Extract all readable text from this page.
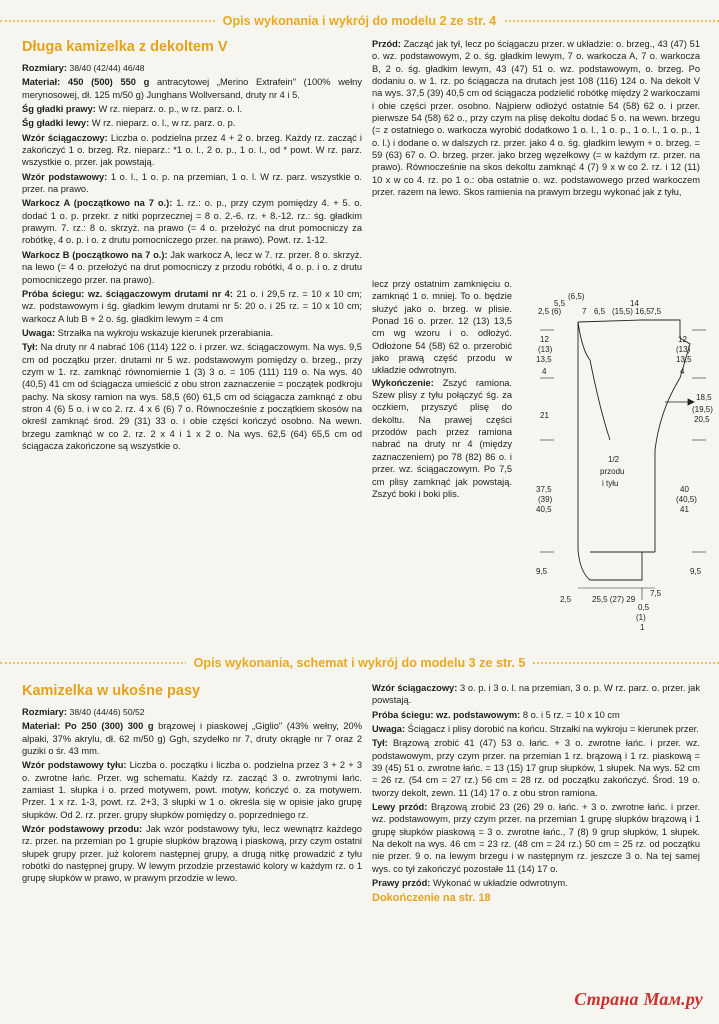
Opis wykonania i wykrój do modelu 2 ze str. 4
Długa kamizelka z dekoltem V

Rozmiary: 38/40 (42/44) 46/48

Materiał: 450 (500) 550 g antracytowej „Merino Extrafein" (100% wełny merynosowej, dł. 125 m/50 g) Junghans Wollversand, druty nr 4 i 5.

Śg gładki prawy: W rz. nieparz. o. p., w rz. parz. o. l.

Śg gładki lewy: W rz. nieparz. o. l., w rz. parz. o. p.

Wzór ściągaczowy: Liczba o. podzielna przez 4 + 2 o. brzeg. Każdy rz. zacząć i zakończyć 1 o. brzeg. Rz. nieparz.: *1 o. l., 2 o. p., 1 o. l., od * powt. W rz. parz. wszystkie o. przer. jak powstają.

Wzór podstawowy: 1 o. l., 1 o. p. na przemian, 1 o. l. W rz. parz. wszystkie o. przer. na prawo.

Warkocz A (początkowo na 7 o.): 1. rz.: o. p., przy czym pomiędzy 4. + 5. o. dodać 1 o. p. przekr. z nitki poprzecznej = 8 o. 2.-6. rz. + 8.-12. rz.: śg. gładkim prawym. 7. rz.: 8 o. skrzyż. na prawo (= 4 o. przełożyć na drut pomocniczy za robótkę, 4 o. p. i o. z drutu pomocniczego przer. na prawo). Powt. rz. 1-12.

Warkocz B (początkowo na 7 o.): Jak warkocz A, lecz w 7. rz. przer. 8 o. skrzyż. na lewo (= 4 o. przełożyć na drut pomocniczy z przodu robótki, 4 o. p. i o. z drutu pomocniczego przer. na prawo).

Próba ściegu: wz. ściągaczowym drutami nr 4: 21 o. i 29,5 rz. = 10 x 10 cm; wz. podstawowym i śg. gładkim lewym drutami nr 5: 20 o. i 25 rz. = 10 x 10 cm; warkocz A lub B + 2 o. śg. gładkim lewym = 4 cm

Uwaga: Strzałka na wykroju wskazuje kierunek przerabiania.

Tył: Na druty nr 4 nabrać 106 (114) 122 o. i przer. wz. ściągaczowym. Na wys. 9,5 cm od początku przer. drutami nr 5 wz. podstawowym pomiędzy o. brzeg., przy czym w 1. rz. zamknąć równomiernie 1 (3) 3 o. = 105 (111) 119 o. Na wys. 40 (40,5) 41 cm od ściągacza umieścić z obu stron zaznaczenie = początek podkroju pachy. Na skosy ramion na wys. 58,5 (60) 61,5 cm od ściągacza zamknąć z obu stron 4 (6) 5 o. i w co 2. rz. 4 x 6 (6) 7 o. Równocześnie z początkiem skosów na określ zamknąć środ. 29 (31) 33 o. i obie części kończyć osobno. Na wewn. brzegu zamknąć w co 2. rz. 2 x 4 i 1 x 2 o. Na wys. 62,5 (64) 65,5 cm od ściągacza zakończone są wszystkie o.

Przód: Zacząć jak tył, lecz po ściągaczu przer. w układzie: o. brzeg., 43 (47) 51 o. wz. podstawowym, 2 o. śg. gładkim lewym, 7 o. warkocza A, 7 o. warkocza B, 2 o. śg. gładkim lewym, 43 (47) 51 o. wz. podstawowym, o. brzeg. Po dodaniu o. w 1. rz. po ściągacza na drutach jest 108 (116) 124 o. Na dekolt V na wys. 37,5 (39) 40,5 cm od ściągacza podzielić robótkę między 2 warkoczami i obie części przer. osobno. Najpierw odłożyć ostatnie 54 (58) 62 o. i przer. pierwsze 54 (58) 62 o., przy czym na plisę dekoltu dodać 5 o. na wewn. brzegu (= z ostatniego o. warkocza wyrobić dodatkowo 1 o. l., 1 o. p., 1 o. l., 1 o. p., 1 o. l.) i dodane o. w dalszych rz. przer. jako 4 o. śg. gładkim lewym + o. brzeg. = 59 (63) 67 o. O. brzeg. przer. jako brzeg węzełkowy (= w każdym rz. przer. na prawo). Równocześnie na skos dekoltu zamknąć 4 (7) 9 x w co 2. rz. i 12 (11) 10 x w co 4. rz. po 1 o.: oba ostatnie o. wz. podstawowego przed warkoczem przer. razem na lewo. Skos ramienia na prawym brzegu wykonać jak z tyłu,

lecz przy ostatnim zamknięciu o. zamknąć 1 o. mniej. To o. będzie służyć jako o. brzeg. w plisie. Ponad 16 o. przer. 12 (13) 13,5 cm wg wzoru i o. odłożyć. Odłożone 54 (58) 62 o. przerobić jako prawą część przodu w układzie odwrotnym.

Wykończenie: Zszyć ramiona. Szew plisy z tyłu połączyć śg. za oczkiem, przyszyć plisę do dekoltu. Na prawej części przodów pach przez ramiona nabrać na druty nr 4 (między zaznaczeniem) po 78 (82) 86 o. i przer. wz. ściągaczowym. Po 7,5 cm plisy zamknąć jak powstają. Zszyć boki i boki plis.

5,5
(6,5)
2,5 (6)	7 6,5
14
(15,5) 16,5 7,5
12
(13)
13,5
4
21
37,5
(39)
40,5
9,5
12
(13)
13,5
4
18,5
(19,5)
20,5
40
(40,5)
41
9,5
2,5	25,5 (27) 29
7,5
0,5
(1)
1
1/2
przodu
i tyłu
Opis wykonania, schemat i wykrój do modelu 3 ze str. 5
Kamizelka w ukośne pasy

Rozmiary: 38/40 (44/46) 50/52

Materiał: Po 250 (300) 300 g brązowej i piaskowej „Giglio" (43% wełny, 20% alpaki, 37% akrylu, dł. 62 m/50 g) Ggh, szydełko nr 7, druty okrągłe nr 7 oraz 2 guziki o śr. 43 mm.

Wzór podstawowy tyłu: Liczba o. początku i liczba o. podzielna przez 3 + 2 + 3 o. zwrotne łańc. Przer. wg schematu. Każdy rz. zacząć 3 o. zwrotnymi łańc. zamiast 1. słupka i o. przed motywem, powt. motyw, kończyć o. za motywem. Przer. 1 x rz. 1-3, powt. rz. 2+3, 3 słupki w 1 o. określa się w opisie jako grupę słupków. Od 2. rz. przer. grupy słupków pomiędzy o. poprzedniego rz.

Wzór podstawowy przodu: Jak wzór podstawowy tyłu, lecz wewnątrz każdego rz. przer. na przemian po 1 grupie słupków brązową i piaskową, przy czym ostatni słupek grupy przer. już kolorem następnej grupy, a drugą nitkę prowadzić z tyłu robótki do następnej grupy. W lewym przodzie przestawić kolory w każdym rz. o 1 grupę słupków w prawo, w prawym przodzie w lewo.

Wzór ściągaczowy: 3 o. p. i 3 o. l. na przemian, 3 o. p. W rz. parz. o. przer. jak powstają.

Próba ściegu: wz. podstawowym: 8 o. i 5 rz. = 10 x 10 cm

Uwaga: Ściągacz i plisy dorobić na końcu. Strzałki na wykroju = kierunek przer.

Tył: Brązową zrobić 41 (47) 53 o. łańc. + 3 o. zwrotne łańc. i przer. wz. podstawowym, przy czym przer. na przemian 1 rz. brązową i 1 rz. piaskową = 39 (45) 51 o. zwrotne łańc. = 13 (15) 17 grup słupków, 1 słupek. Na wys. 52 cm = 26 rz. (54 cm = 27 rz.) 56 cm = 28 rz. od początku zakończyć. Środ. 19 o. tworzy dekolt, zewn. 11 (14) 17 o. z obu stron ramiona.

Lewy przód: Brązową zrobić 23 (26) 29 o. łańc. + 3 o. zwrotne łańc. i przer. wz. podstawowym, przy czym przer. na przemian 1 grupę słupków brązową i 1 grupę słupków piaskową = 3 o. zwrotne łańc., 7 (8) 9 grup słupków, 1 słupek. Na dekolt na wys. 46 cm = 23 rz. (48 cm = 24 rz.) 50 cm = 25 rz. od początku nie przer. 9 o. na lewym brzegu i w następnym rz. jeszcze 3 o. Na tej samej wys. co tył zakończyć pozostałe 11 (14) 17 o.

Prawy przód: Wykonać w układzie odwrotnym.

Dokończenie na str. 18

Страна Мам.ру
